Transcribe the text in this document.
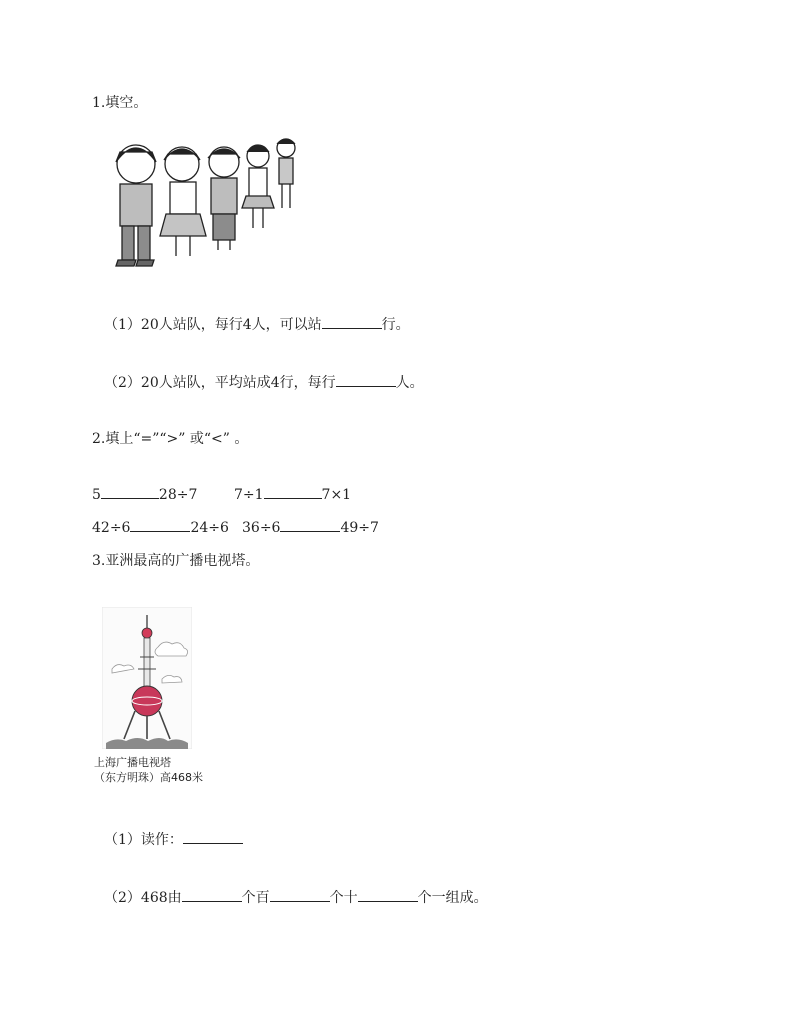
1.填空。
（1）20人站队，每行4人，可以站	行。
（2）20人站队，平均站成4行，每行	人。
2.填上“=”“>” 或“<” 。
5	28÷7	7÷1	7×1
42÷6	24÷6 36÷6	49÷7
3.亚洲最高的广播电视塔。
上海广播电视塔
（东方明珠）高468米
（1）读作：
（2）468由	个百	个十	个一组成。
